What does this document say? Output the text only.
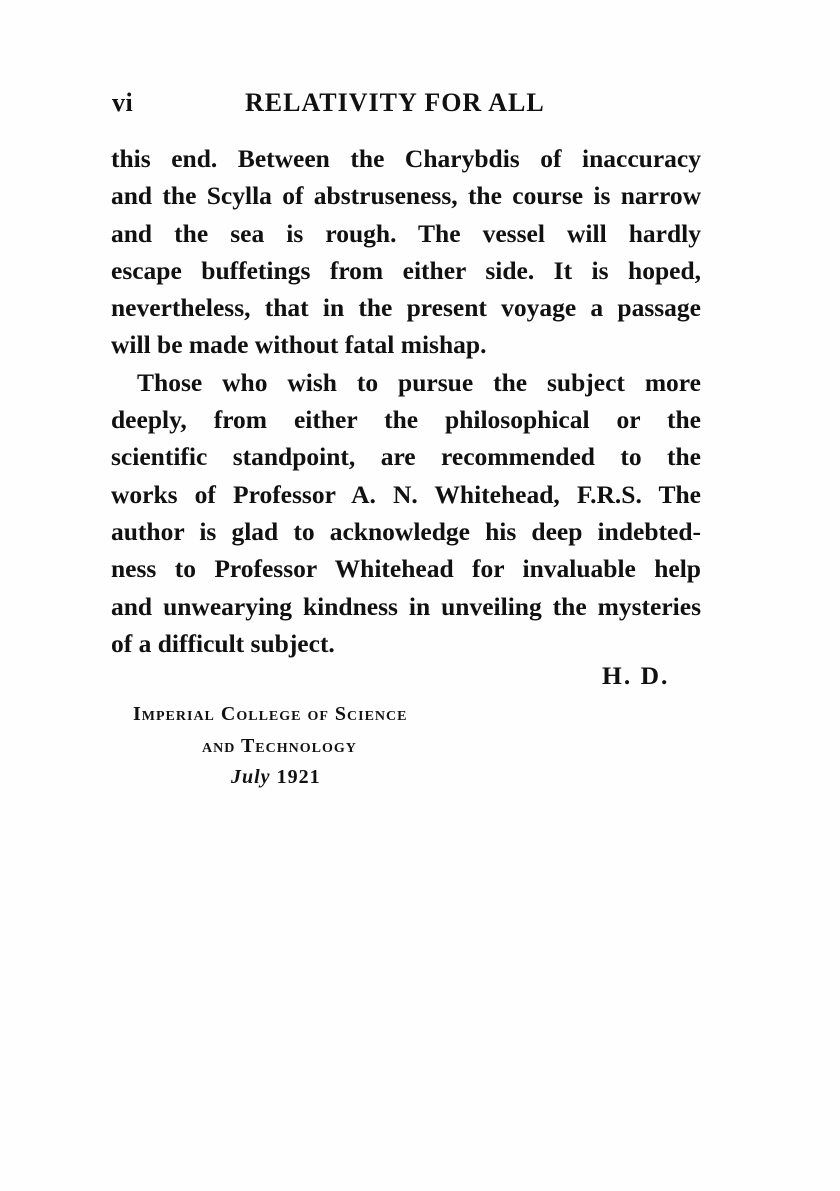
vi	RELATIVITY FOR ALL

this end. Between the Charybdis of inaccuracy
and the Scylla of abstruseness, the course is narrow
and the sea is rough. The vessel will hardly
escape buffetings from either side. It is hoped,
nevertheless, that in the present voyage a passage
will be made without fatal mishap.

Those who wish to pursue the subject more
deeply, from either the philosophical or the
scientific standpoint, are recommended to the
works of Professor A. N. Whitehead, F.R.S. The
author is glad to acknowledge his deep indebted-
ness to Professor Whitehead for invaluable help
and unwearying kindness in unveiling the mysteries
of a difficult subject.

H. D.
Imperial College of Science
and Technology
July 1921
